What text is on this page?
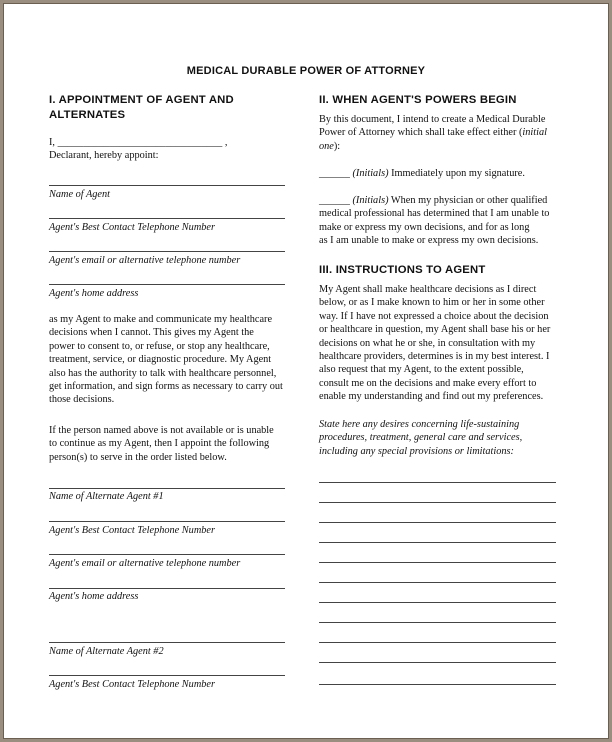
MEDICAL DURABLE POWER OF ATTORNEY
I. APPOINTMENT OF AGENT AND
ALTERNATES
I, ________________________________ ,
Declarant, hereby appoint:
Name of Agent
Agent's Best Contact Telephone Number
Agent's email or alternative telephone number
Agent's home address
as my Agent to make and communicate my healthcare
decisions when I cannot. This gives my Agent the
power to consent to, or refuse, or stop any healthcare,
treatment, service, or diagnostic procedure. My Agent
also has the authority to talk with healthcare personnel,
get information, and sign forms as necessary to carry out
those decisions.
If the person named above is not available or is unable
to continue as my Agent, then I appoint the following
person(s) to serve in the order listed below.
Name of Alternate Agent #1
Agent's Best Contact Telephone Number
Agent's email or alternative telephone number
Agent's home address
Name of Alternate Agent #2
Agent's Best Contact Telephone Number
II. WHEN AGENT'S POWERS BEGIN
By this document, I intend to create a Medical Durable
Power of Attorney which shall take effect either (initial
one):
______ (Initials) Immediately upon my signature.
______ (Initials) When my physician or other qualified
medical professional has determined that I am unable to
make or express my own decisions, and for as long
as I am unable to make or express my own decisions.
III. INSTRUCTIONS TO AGENT
My Agent shall make healthcare decisions as I direct
below, or as I make known to him or her in some other
way. If I have not expressed a choice about the decision
or healthcare in question, my Agent shall base his or her
decisions on what he or she, in consultation with my
healthcare providers, determines is in my best interest. I
also request that my Agent, to the extent possible,
consult me on the decisions and make every effort to
enable my understanding and find out my preferences.
State here any desires concerning life-sustaining
procedures, treatment, general care and services,
including any special provisions or limitations:
